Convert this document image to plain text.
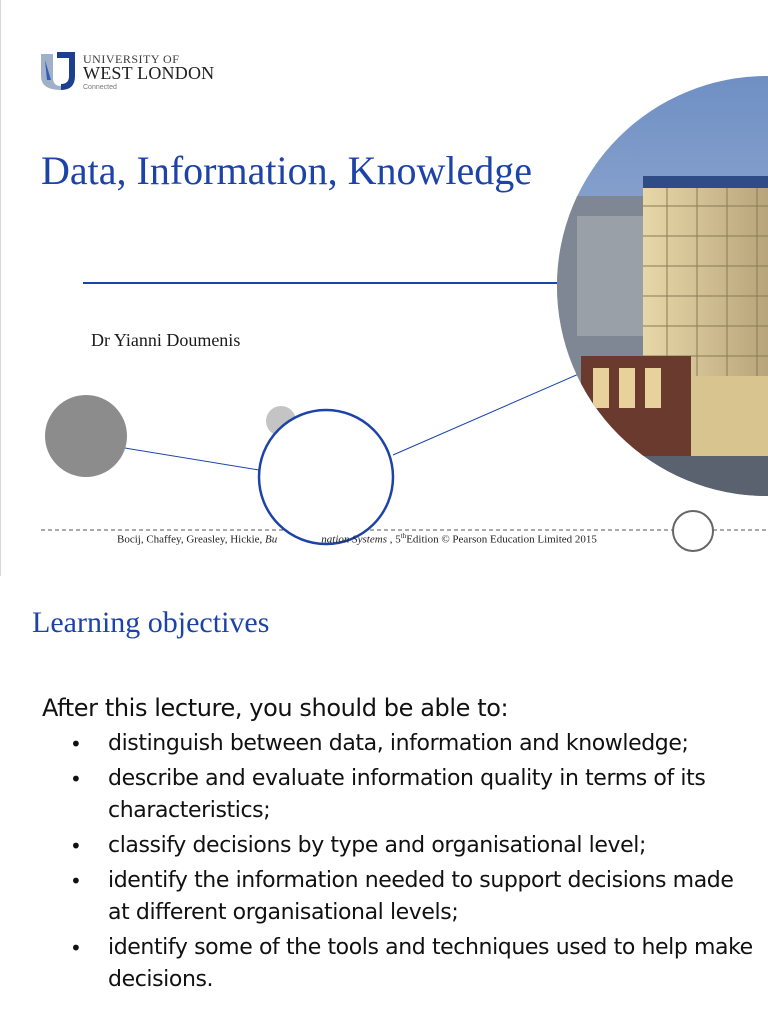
UNIVERSITY OF
WEST LONDON
Connected
Data, Information, Knowledge
Dr Yianni Doumenis
Bocij, Chaffey, Greasley, Hickie, Bu	nation Systems , 5thEdition © Pearson Education Limited 2015
Learning objectives
After this lecture, you should be able to:
• distinguish between data, information and knowledge;
• describe and evaluate information quality in terms of its characteristics;
• classify decisions by type and organisational level;
• identify the information needed to support decisions made at different organisational levels;
• identify some of the tools and techniques used to help make decisions.
